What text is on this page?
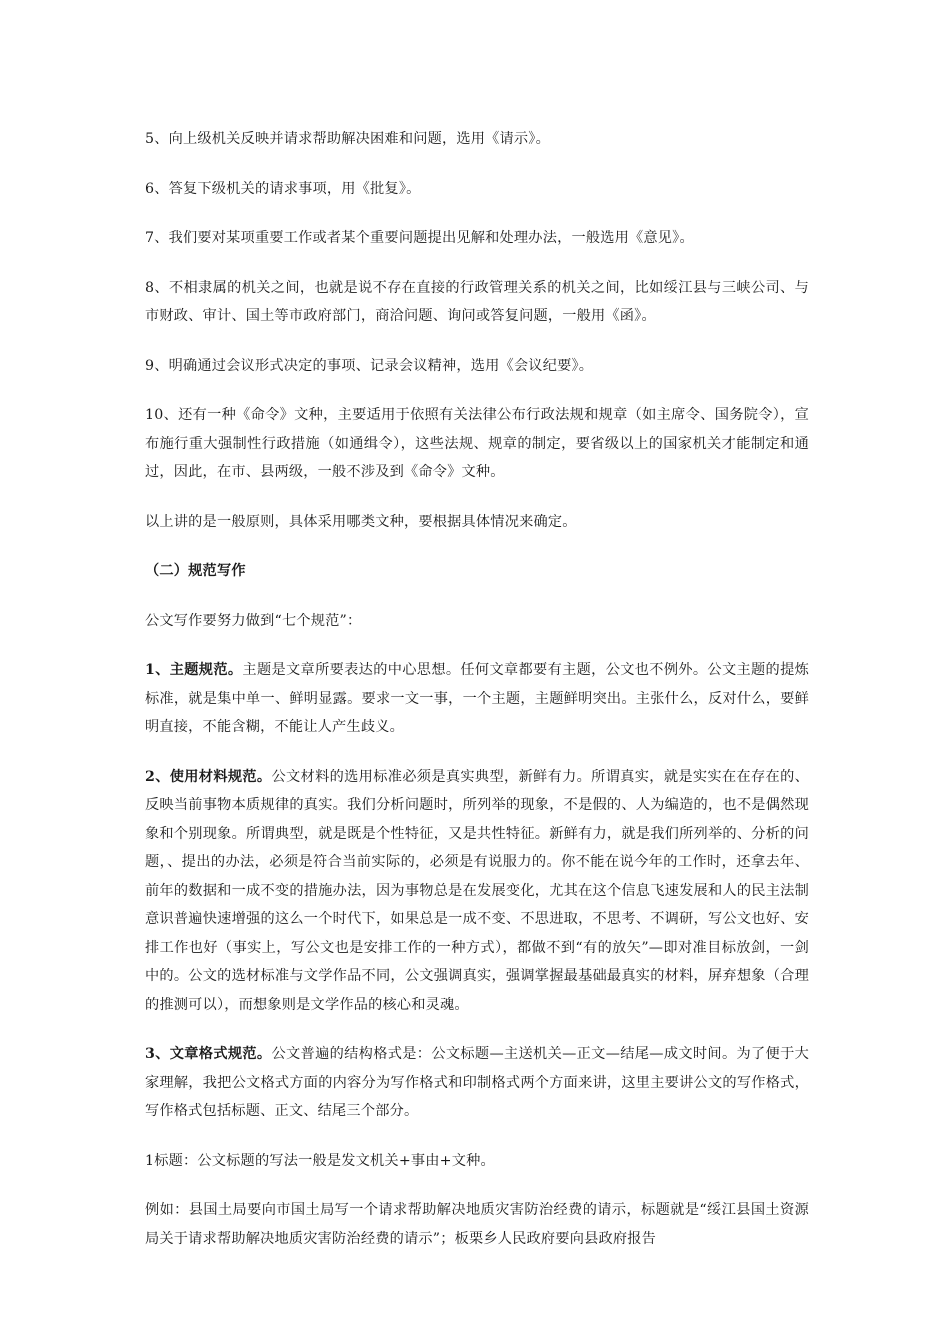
5、向上级机关反映并请求帮助解决困难和问题，选用《请示》。

6、答复下级机关的请求事项，用《批复》。

7、我们要对某项重要工作或者某个重要问题提出见解和处理办法，一般选用《意见》。

8、不相隶属的机关之间，也就是说不存在直接的行政管理关系的机关之间，比如绥江县与三峡公司、与市财政、审计、国土等市政府部门，商洽问题、询问或答复问题，一般用《函》。

9、明确通过会议形式决定的事项、记录会议精神，选用《会议纪要》。

10、还有一种《命令》文种，主要适用于依照有关法律公布行政法规和规章（如主席令、国务院令），宣布施行重大强制性行政措施（如通缉令），这些法规、规章的制定，要省级以上的国家机关才能制定和通过，因此，在市、县两级，一般不涉及到《命令》文种。

以上讲的是一般原则，具体采用哪类文种，要根据具体情况来确定。

（二）规范写作

公文写作要努力做到“七个规范”：

1、主题规范。主题是文章所要表达的中心思想。任何文章都要有主题，公文也不例外。公文主题的提炼标准，就是集中单一、鲜明显露。要求一文一事，一个主题，主题鲜明突出。主张什么，反对什么，要鲜明直接，不能含糊，不能让人产生歧义。

2、使用材料规范。公文材料的选用标准必须是真实典型，新鲜有力。所谓真实，就是实实在在存在的、反映当前事物本质规律的真实。我们分析问题时，所列举的现象，不是假的、人为编造的，也不是偶然现象和个别现象。所谓典型，就是既是个性特征，又是共性特征。新鲜有力，就是我们所列举的、分析的问题，、提出的办法，必须是符合当前实际的，必须是有说服力的。你不能在说今年的工作时，还拿去年、前年的数据和一成不变的措施办法，因为事物总是在发展变化，尤其在这个信息飞速发展和人的民主法制意识普遍快速增强的这么一个时代下，如果总是一成不变、不思进取，不思考、不调研，写公文也好、安排工作也好（事实上，写公文也是安排工作的一种方式），都做不到“有的放矢”—即对准目标放剑，一剑中的。公文的选材标准与文学作品不同，公文强调真实，强调掌握最基础最真实的材料，屏弃想象（合理的推测可以），而想象则是文学作品的核心和灵魂。

3、文章格式规范。公文普遍的结构格式是：公文标题—主送机关—正文—结尾—成文时间。为了便于大家理解，我把公文格式方面的内容分为写作格式和印制格式两个方面来讲，这里主要讲公文的写作格式，写作格式包括标题、正文、结尾三个部分。

1标题：公文标题的写法一般是发文机关+事由+文种。

例如：县国土局要向市国土局写一个请求帮助解决地质灾害防治经费的请示，标题就是“绥江县国土资源局关于请求帮助解决地质灾害防治经费的请示”；板栗乡人民政府要向县政府报告
